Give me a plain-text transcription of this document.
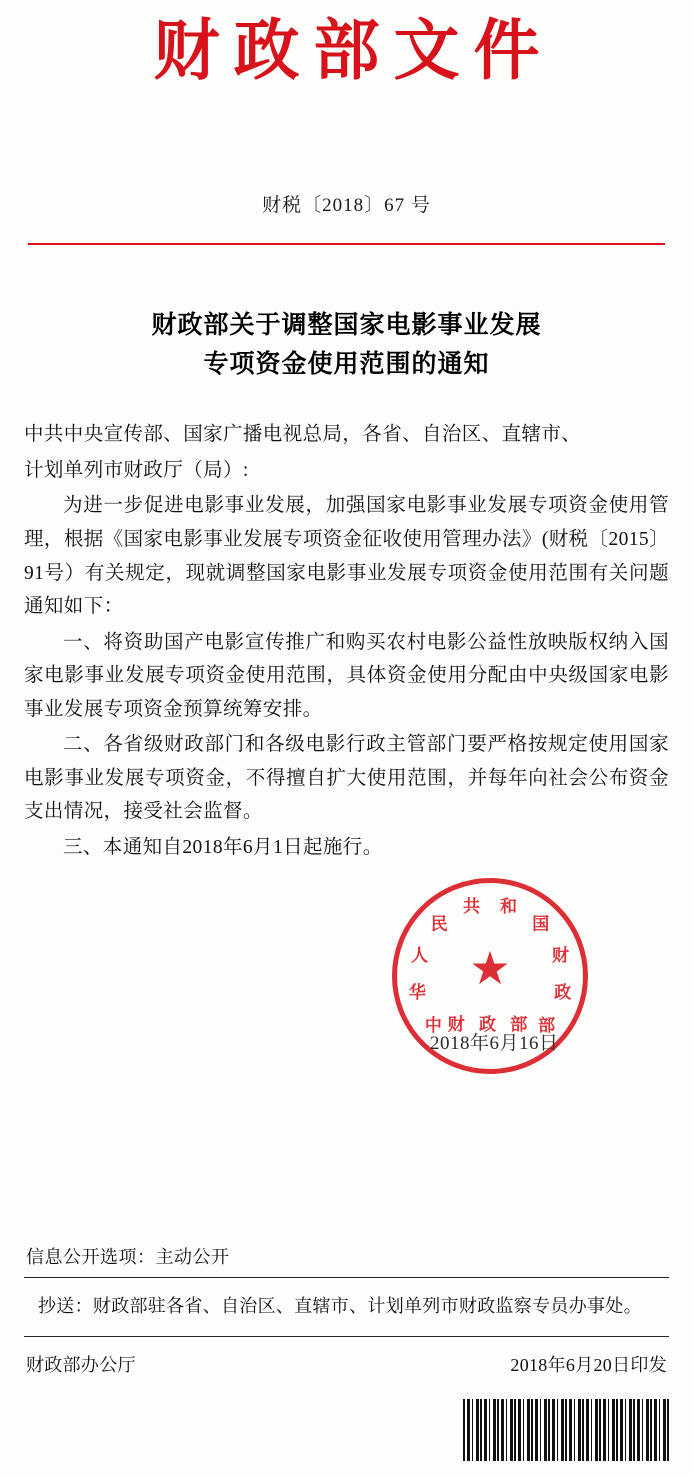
财政部文件
财税〔2018〕67 号
财政部关于调整国家电影事业发展
专项资金使用范围的通知

中共中央宣传部、国家广播电视总局，各省、自治区、直辖市、

计划单列市财政厅（局）:

为进一步促进电影事业发展，加强国家电影事业发展专项资金使用管理，根据《国家电影事业发展专项资金征收使用管理办法》(财税〔2015〕91号）有关规定，现就调整国家电影事业发展专项资金使用范围有关问题通知如下：

一、将资助国产电影宣传推广和购买农村电影公益性放映版权纳入国家电影事业发展专项资金使用范围，具体资金使用分配由中央级国家电影事业发展专项资金预算统筹安排。

二、各省级财政部门和各级电影行政主管部门要严格按规定使用国家电影事业发展专项资金，不得擅自扩大使用范围，并每年向社会公布资金支出情况，接受社会监督。

三、本通知自2018年6月1日起施行。

中
华
人
民
共 和
国
财
政
部
★
财 政 部
2018年6月16日
信息公开选项：主动公开
抄送：财政部驻各省、自治区、直辖市、计划单列市财政监察专员办事处。
财政部办公厅	2018年6月20日印发
